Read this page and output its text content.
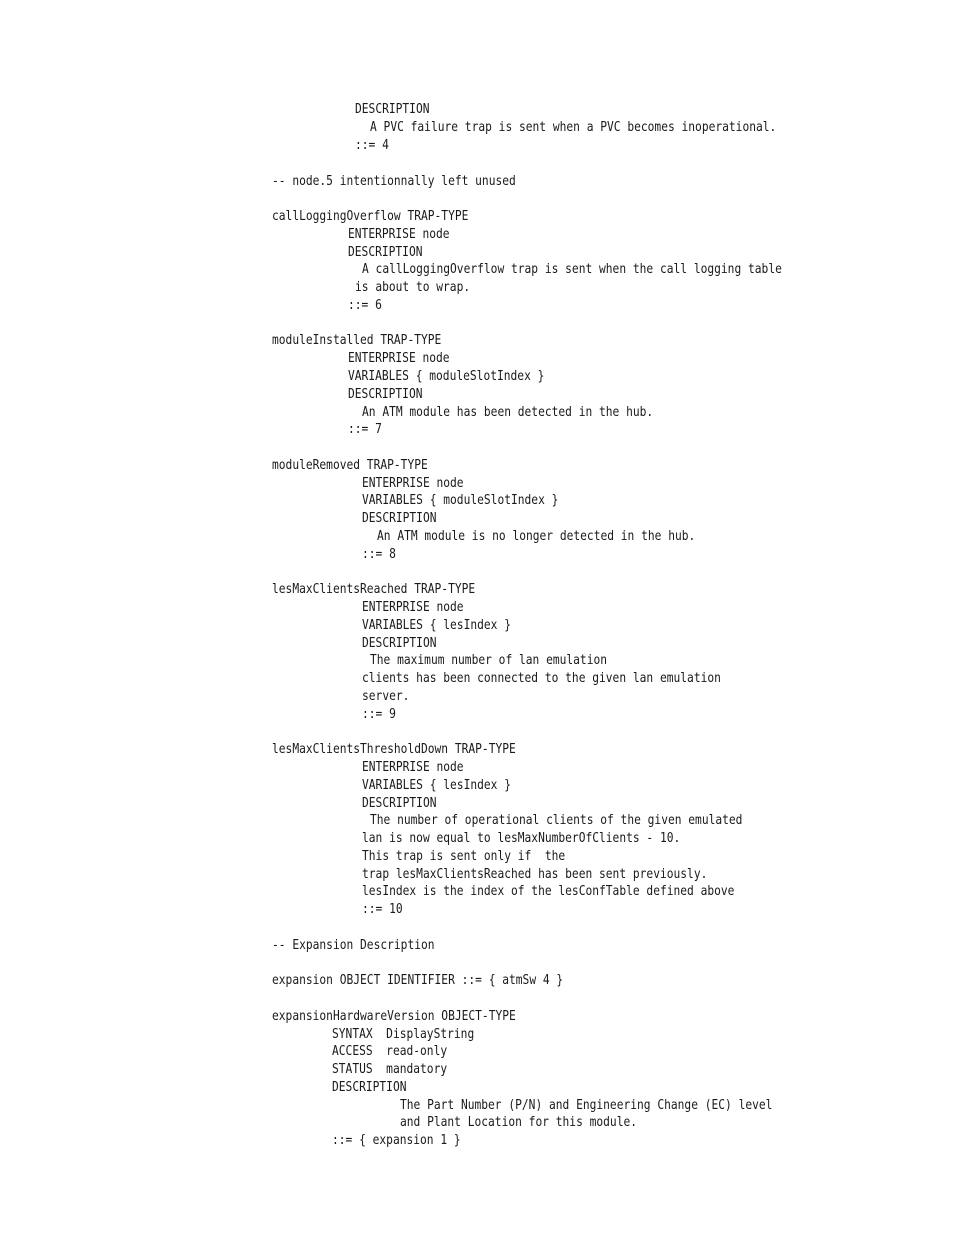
DESCRIPTION
A PVC failure trap is sent when a PVC becomes inoperational.
::= 4
-- node.5 intentionnally left unused
callLoggingOverflow TRAP-TYPE
ENTERPRISE node
DESCRIPTION
A callLoggingOverflow trap is sent when the call logging table
is about to wrap.
::= 6
moduleInstalled TRAP-TYPE
ENTERPRISE node
VARIABLES { moduleSlotIndex }
DESCRIPTION
An ATM module has been detected in the hub.
::= 7
moduleRemoved TRAP-TYPE
ENTERPRISE node
VARIABLES { moduleSlotIndex }
DESCRIPTION
An ATM module is no longer detected in the hub.
::= 8
lesMaxClientsReached TRAP-TYPE
ENTERPRISE node
VARIABLES { lesIndex }
DESCRIPTION
The maximum number of lan emulation
clients has been connected to the given lan emulation
server.
::= 9
lesMaxClientsThresholdDown TRAP-TYPE
ENTERPRISE node
VARIABLES { lesIndex }
DESCRIPTION
The number of operational clients of the given emulated
lan is now equal to lesMaxNumberOfClients - 10.
This trap is sent only if  the
trap lesMaxClientsReached has been sent previously.
lesIndex is the index of the lesConfTable defined above
::= 10
-- Expansion Description
expansion OBJECT IDENTIFIER ::= { atmSw 4 }
expansionHardwareVersion OBJECT-TYPE
SYNTAX  DisplayString
ACCESS  read-only
STATUS  mandatory
DESCRIPTION
The Part Number (P/N) and Engineering Change (EC) level
and Plant Location for this module.
::= { expansion 1 }
